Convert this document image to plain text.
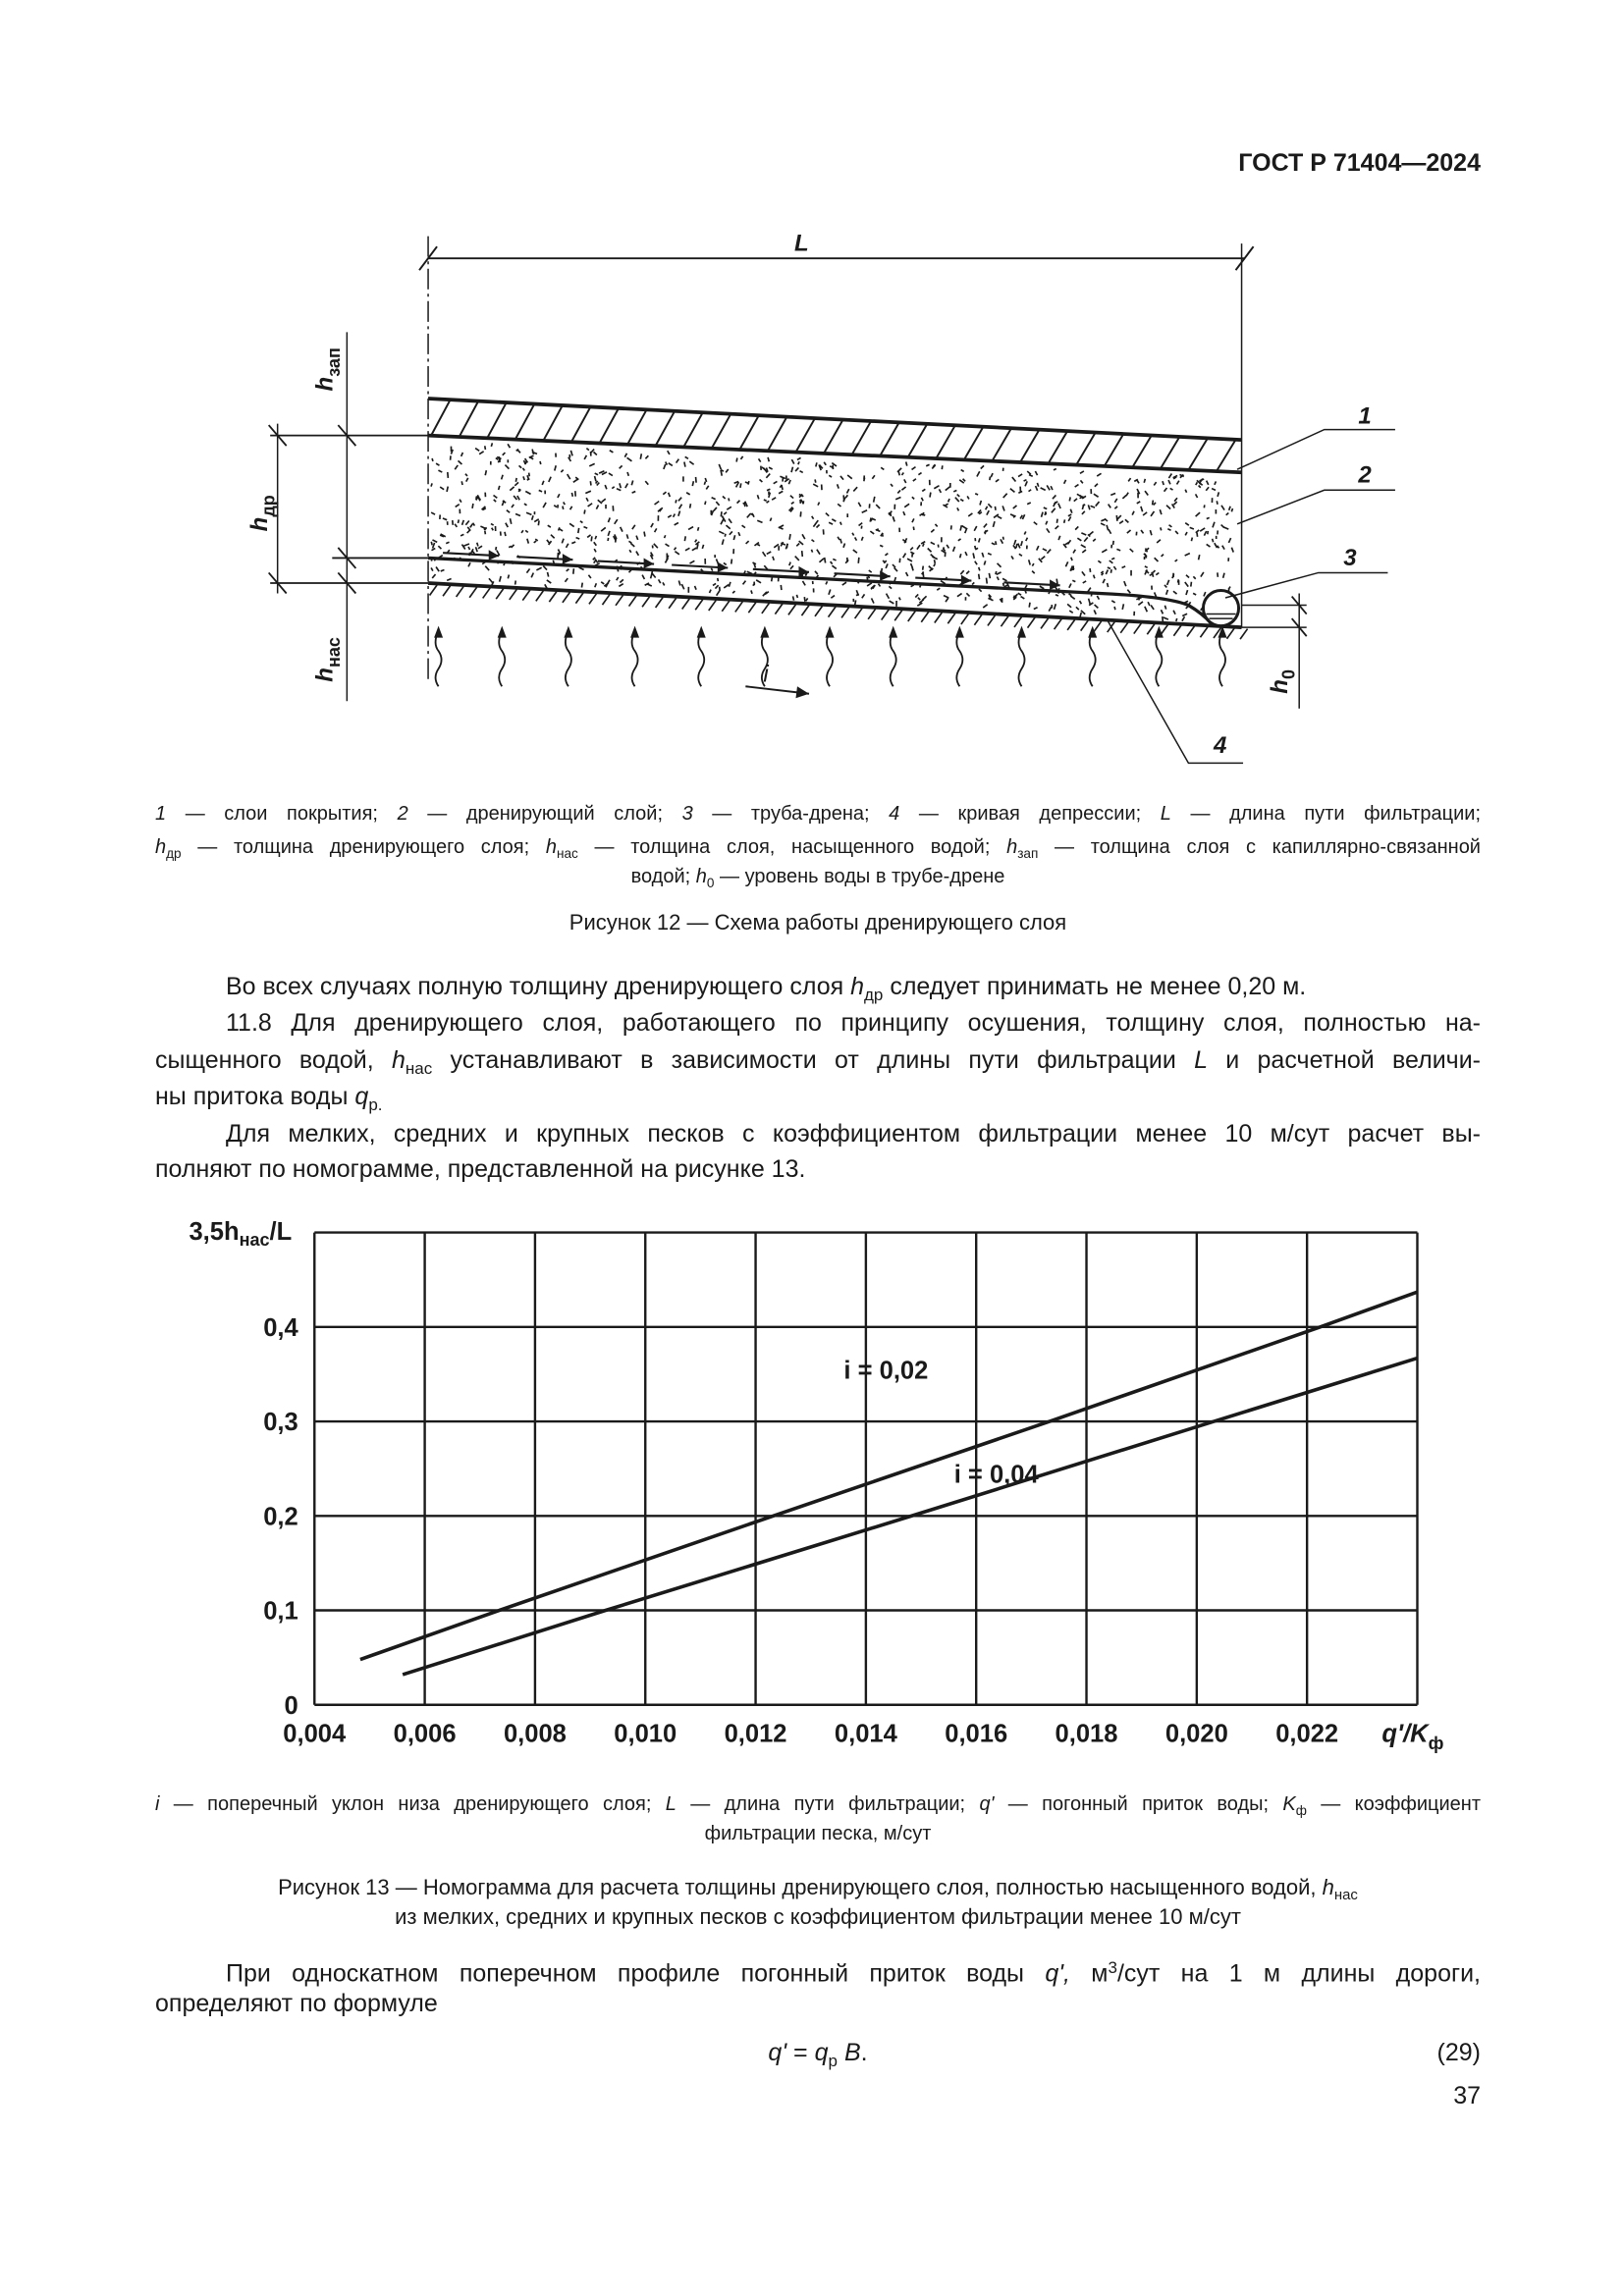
ГОСТ Р 71404—2024
L
1
2
3
4
i
$h_{зап}$
$h_{др}$
$h_{нас}$
$h_0$
0,004	0,006	0,008	0,010	0,012	0,014	0,016	0,018	0,020	0,022
0
0,1
0,2
0,3
0,4
i = 0,02
i = 0,04
$3,5h_{нас}/L$
$q'/K_ф$
1 — слои покрытия; 2 — дренирующий слой; 3 — труба-дрена; 4 — кривая депрессии; L — длина пути фильтрации;
$h_{др}$ — толщина дренирующего слоя; $h_{нас}$ — толщина слоя, насыщенного водой; $h_{зап}$ — толщина слоя с капиллярно-связанной
водой; $h_0$ — уровень воды в трубе-дрене
Рисунок 12 — Схема работы дренирующего слоя
Во всех случаях полную толщину дренирующего слоя $h_{др}$ следует принимать не менее 0,20 м.
11.8 Для дренирующего слоя, работающего по принципу осушения, толщину слоя, полностью на-
сыщенного водой, $h_{нас}$ устанавливают в зависимости от длины пути фильтрации L и расчетной величи-
ны притока воды $q_{р.}$
Для мелких, средних и крупных песков с коэффициентом фильтрации менее 10 м/сут расчет вы-
полняют по номограмме, представленной на рисунке 13.
i — поперечный уклон низа дренирующего слоя; L — длина пути фильтрации; q' — погонный приток воды; $K_ф$ — коэффициент
фильтрации песка, м/сут
Рисунок 13 — Номограмма для расчета толщины дренирующего слоя, полностью насыщенного водой, $h_{нас}$
из мелких, средних и крупных песков с коэффициентом фильтрации менее 10 м/сут
При односкатном поперечном профиле погонный приток воды q', $м^3$/сут на 1 м длины дороги,
определяют по формуле
$q' = q_р$ B.	(29)
37
